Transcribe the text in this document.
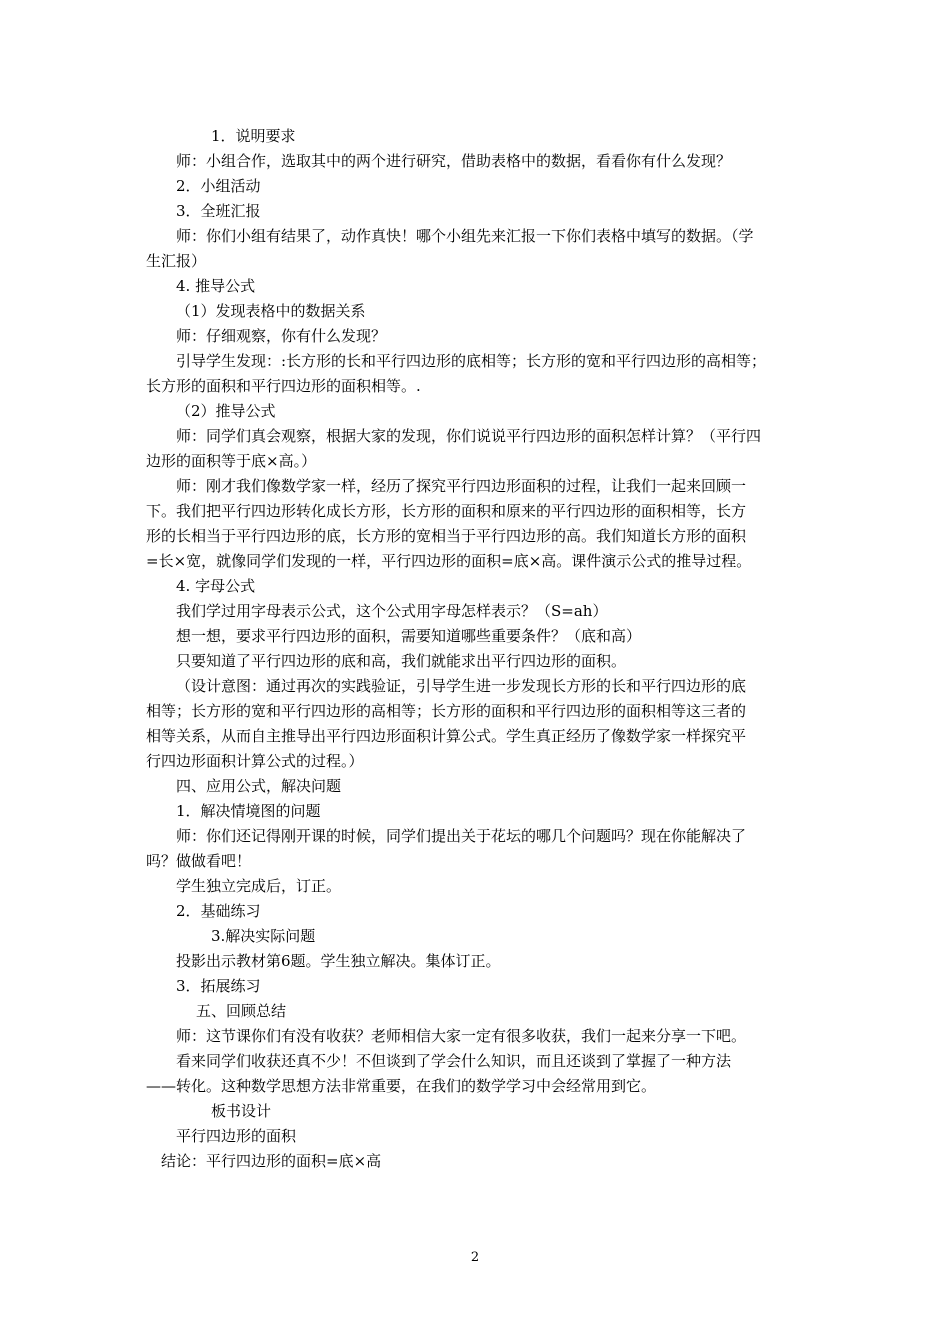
1．说明要求
师：小组合作，选取其中的两个进行研究，借助表格中的数据，看看你有什么发现？
2．小组活动
3．全班汇报
师：你们小组有结果了，动作真快！哪个小组先来汇报一下你们表格中填写的数据。（学
生汇报）
4. 推导公式
（1）发现表格中的数据关系
师：仔细观察，你有什么发现？
引导学生发现：:长方形的长和平行四边形的底相等；长方形的宽和平行四边形的高相等；
长方形的面积和平行四边形的面积相等。.
（2）推导公式
师：同学们真会观察，根据大家的发现，你们说说平行四边形的面积怎样计算？（平行四
边形的面积等于底×高。）
师：刚才我们像数学家一样，经历了探究平行四边形面积的过程，让我们一起来回顾一
下。我们把平行四边形转化成长方形，长方形的面积和原来的平行四边形的面积相等，长方
形的长相当于平行四边形的底，长方形的宽相当于平行四边形的高。我们知道长方形的面积
=长×宽，就像同学们发现的一样，平行四边形的面积=底×高。课件演示公式的推导过程。
4. 字母公式
我们学过用字母表示公式，这个公式用字母怎样表示？（S=ah）
想一想，要求平行四边形的面积，需要知道哪些重要条件？（底和高）
只要知道了平行四边形的底和高，我们就能求出平行四边形的面积。
（设计意图：通过再次的实践验证，引导学生进一步发现长方形的长和平行四边形的底
相等；长方形的宽和平行四边形的高相等；长方形的面积和平行四边形的面积相等这三者的
相等关系，从而自主推导出平行四边形面积计算公式。学生真正经历了像数学家一样探究平
行四边形面积计算公式的过程。）
四、应用公式，解决问题
1．解决情境图的问题
师：你们还记得刚开课的时候，同学们提出关于花坛的哪几个问题吗？现在你能解决了
吗？做做看吧！
学生独立完成后，订正。
2．基础练习
3.解决实际问题
投影出示教材第6题。学生独立解决。集体订正。
3．拓展练习
五、回顾总结
师：这节课你们有没有收获？老师相信大家一定有很多收获，我们一起来分享一下吧。
看来同学们收获还真不少！不但谈到了学会什么知识，而且还谈到了掌握了一种方法
——转化。这种数学思想方法非常重要，在我们的数学学习中会经常用到它。
板书设计
平行四边形的面积
结论：平行四边形的面积=底×高
2
